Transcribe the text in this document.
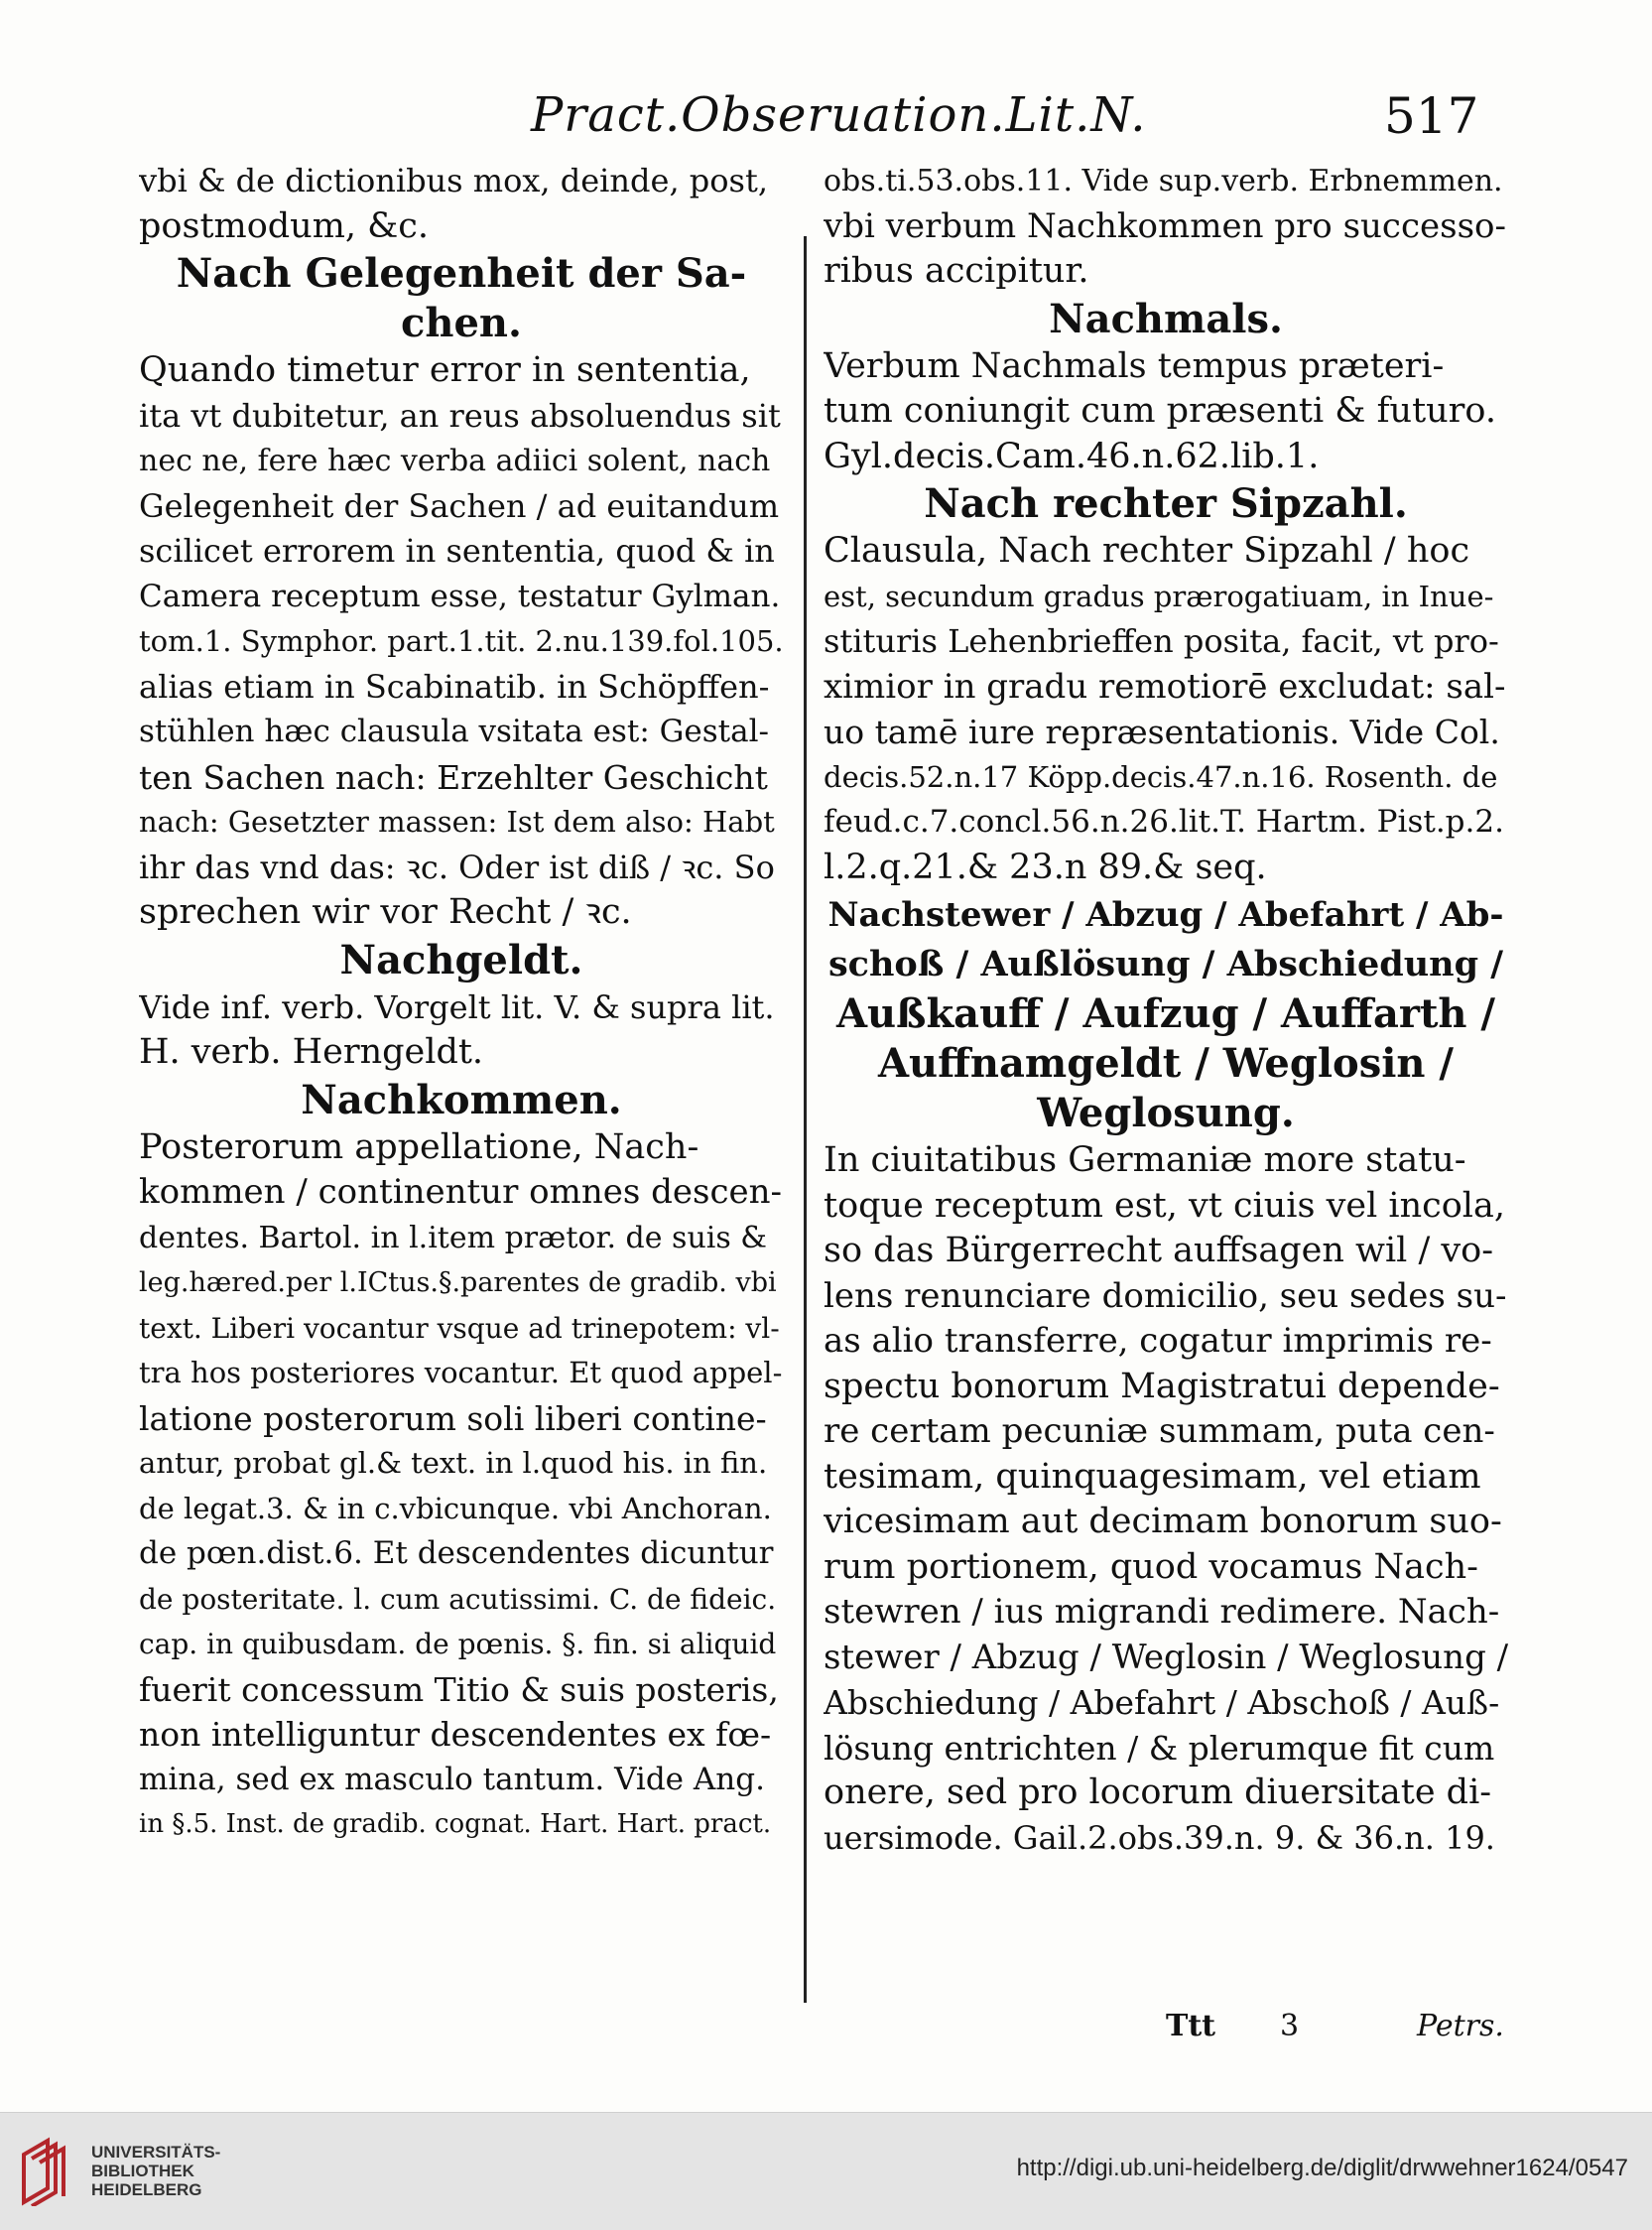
Pract.Obseruation.Lit.N.	517
vbi & de dictionibus mox, deinde, post,
postmodum, &c.
Nach Gelegenheit der Sa-
chen.
Quando timetur error in sententia,
ita vt dubitetur, an reus absoluendus sit
nec ne, fere hæc verba adiici solent, nach
Gelegenheit der Sachen / ad euitandum
scilicet errorem in sententia, quod & in
Camera receptum esse, testatur Gylman.
tom.1. Symphor. part.1.tit. 2.nu.139.fol.105.
alias etiam in Scabinatib. in Schöpffen-
stühlen hæc clausula vsitata est: Gestal-
ten Sachen nach: Erzehlter Geschicht
nach: Gesetzter massen: Ist dem also: Habt
ihr das vnd das: ꝛc. Oder ist diß / ꝛc. So
sprechen wir vor Recht / ꝛc.
Nachgeldt.
Vide inf. verb. Vorgelt lit. V. & supra lit.
H. verb. Herngeldt.
Nachkommen.
Posterorum appellatione, Nach-
kommen / continentur omnes descen-
dentes. Bartol. in l.item prætor. de suis &
leg.hæred.per l.ICtus.§.parentes de gradib. vbi
text. Liberi vocantur vsque ad trinepotem: vl-
tra hos posteriores vocantur. Et quod appel-
latione posterorum soli liberi contine-
antur, probat gl.& text. in l.quod his. in fin.
de legat.3. & in c.vbicunque. vbi Anchoran.
de pœn.dist.6. Et descendentes dicuntur
de posteritate. l. cum acutissimi. C. de fideic.
cap. in quibusdam. de pœnis. §. fin. si aliquid
fuerit concessum Titio & suis posteris,
non intelliguntur descendentes ex fœ-
mina, sed ex masculo tantum. Vide Ang.
in §.5. Inst. de gradib. cognat. Hart. Hart. pract.
obs.ti.53.obs.11. Vide sup.verb. Erbnemmen.
vbi verbum Nachkommen pro successo-
ribus accipitur.
Nachmals.
Verbum Nachmals tempus præteri-
tum coniungit cum præsenti & futuro.
Gyl.decis.Cam.46.n.62.lib.1.
Nach rechter Sipzahl.
Clausula, Nach rechter Sipzahl / hoc
est, secundum gradus prærogatiuam, in Inue-
stituris Lehenbrieffen posita, facit, vt pro-
ximior in gradu remotiorē excludat: sal-
uo tamē iure repræsentationis. Vide Col.
decis.52.n.17 Köpp.decis.47.n.16. Rosenth. de
feud.c.7.concl.56.n.26.lit.T. Hartm. Pist.p.2.
l.2.q.21.& 23.n 89.& seq.
Nachstewer / Abzug / Abefahrt / Ab-
schoß / Außlösung / Abschiedung /
Außkauff / Aufzug / Auffarth /
Auffnamgeldt / Weglosin /
Weglosung.
In ciuitatibus Germaniæ more statu-
toque receptum est, vt ciuis vel incola,
so das Bürgerrecht auffsagen wil / vo-
lens renunciare domicilio, seu sedes su-
as alio transferre, cogatur imprimis re-
spectu bonorum Magistratui depende-
re certam pecuniæ summam, puta cen-
tesimam, quinquagesimam, vel etiam
vicesimam aut decimam bonorum suo-
rum portionem, quod vocamus Nach-
stewren / ius migrandi redimere. Nach-
stewer / Abzug / Weglosin / Weglosung /
Abschiedung / Abefahrt / Abschoß / Auß-
lösung entrichten / & plerumque fit cum
onere, sed pro locorum diuersitate di-
uersimode. Gail.2.obs.39.n. 9. & 36.n. 19.
Ttt 3	Petrs.
UNIVERSITÄTS-
BIBLIOTHEK
HEIDELBERG
http://digi.ub.uni-heidelberg.de/diglit/drwwehner1624/0547
